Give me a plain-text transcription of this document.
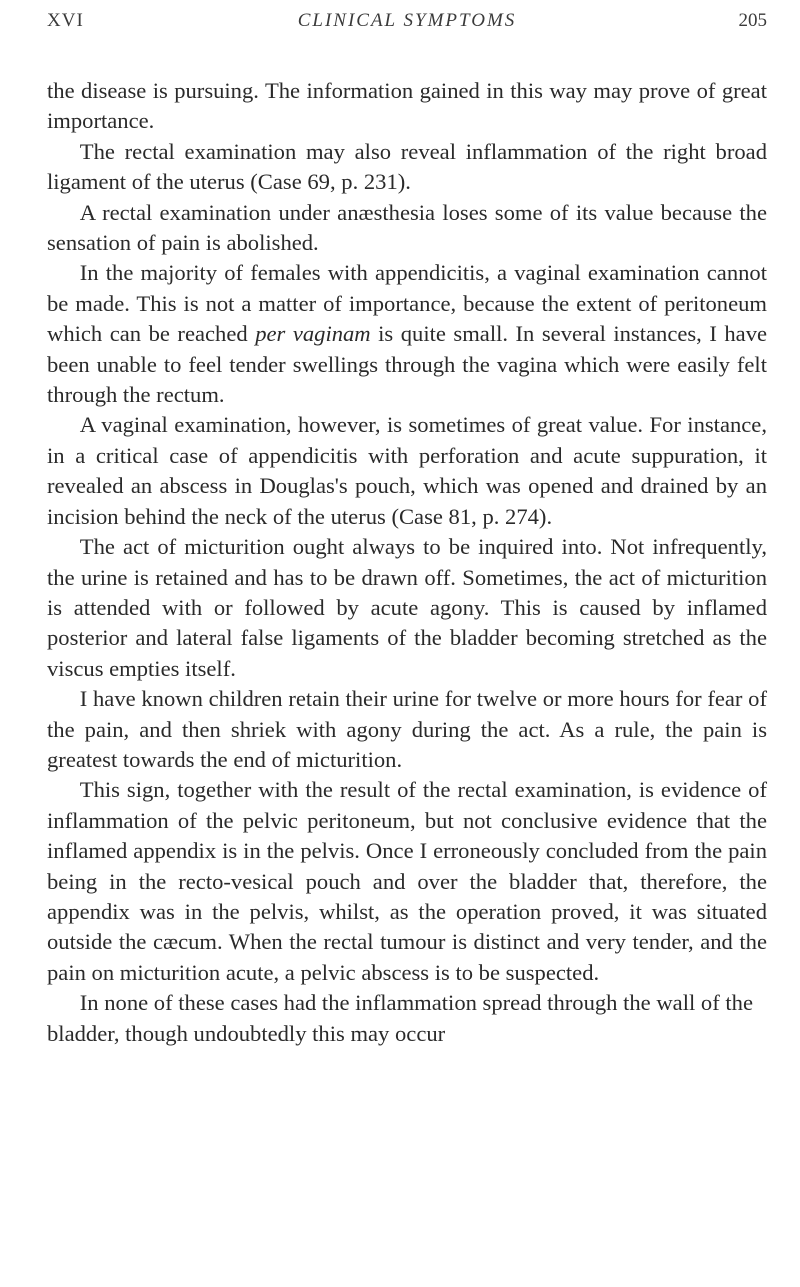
XVI	CLINICAL SYMPTOMS	205

the disease is pursuing. The information gained in this way may prove of great importance.

The rectal examination may also reveal inflammation of the right broad ligament of the uterus (Case 69, p. 231).

A rectal examination under anæsthesia loses some of its value because the sensation of pain is abolished.

In the majority of females with appendicitis, a vaginal examination cannot be made. This is not a matter of importance, because the extent of peritoneum which can be reached per vaginam is quite small. In several instances, I have been unable to feel tender swellings through the vagina which were easily felt through the rectum.

A vaginal examination, however, is sometimes of great value. For instance, in a critical case of appendicitis with perforation and acute suppuration, it revealed an abscess in Douglas's pouch, which was opened and drained by an incision behind the neck of the uterus (Case 81, p. 274).

The act of micturition ought always to be inquired into. Not infrequently, the urine is retained and has to be drawn off. Sometimes, the act of micturition is attended with or followed by acute agony. This is caused by inflamed posterior and lateral false ligaments of the bladder becoming stretched as the viscus empties itself.

I have known children retain their urine for twelve or more hours for fear of the pain, and then shriek with agony during the act. As a rule, the pain is greatest towards the end of micturition.

This sign, together with the result of the rectal examination, is evidence of inflammation of the pelvic peritoneum, but not conclusive evidence that the inflamed appendix is in the pelvis. Once I erroneously concluded from the pain being in the recto-vesical pouch and over the bladder that, therefore, the appendix was in the pelvis, whilst, as the operation proved, it was situated outside the cæcum. When the rectal tumour is distinct and very tender, and the pain on micturition acute, a pelvic abscess is to be suspected.

In none of these cases had the inflammation spread through the wall of the bladder, though undoubtedly this may occur
